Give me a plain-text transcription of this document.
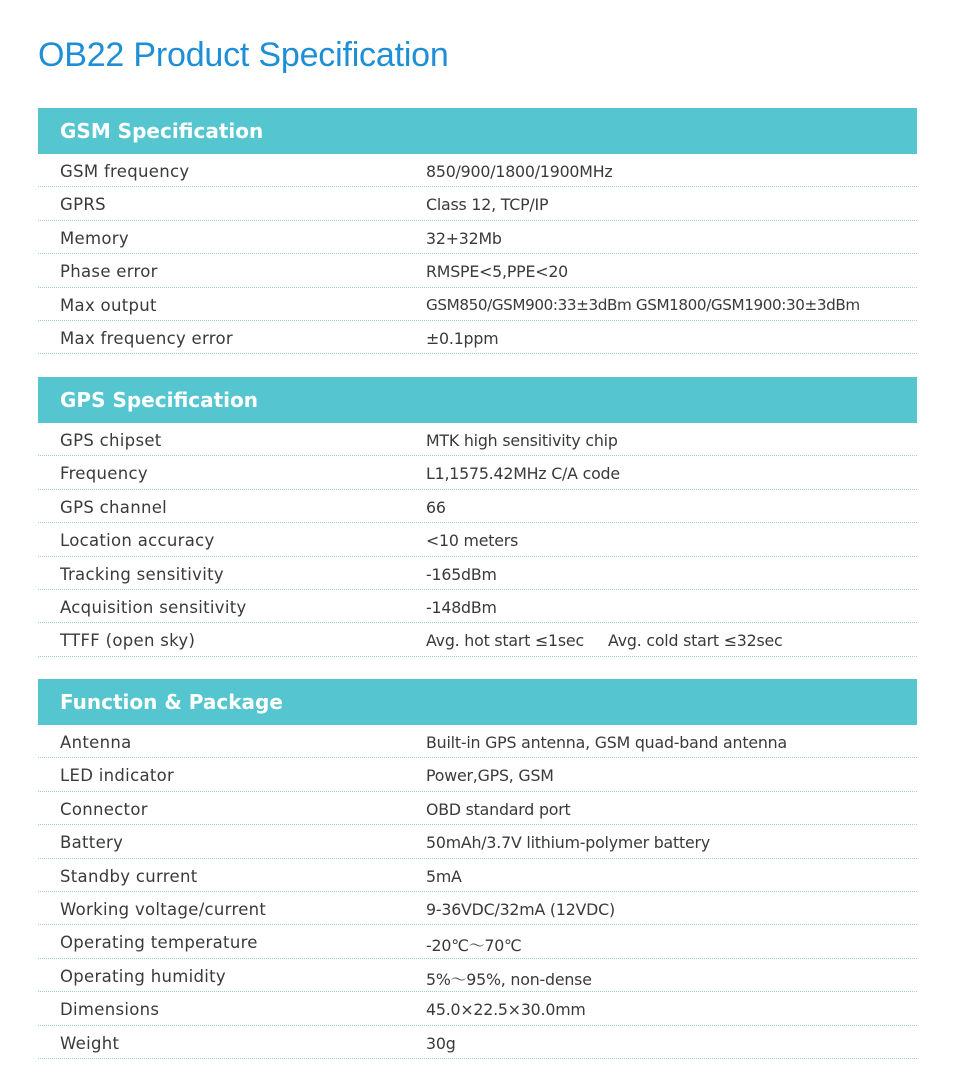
OB22 Product Specification
GSM Specification
GSM frequency	850/900/1800/1900MHz
GPRS	Class 12, TCP/IP
Memory	32+32Mb
Phase error	RMSPE<5,PPE<20
Max output	GSM850/GSM900:33±3dBm GSM1800/GSM1900:30±3dBm
Max frequency error	±0.1ppm
GPS Specification
GPS chipset	MTK high sensitivity chip
Frequency	L1,1575.42MHz C/A code
GPS channel	66
Location accuracy	<10 meters
Tracking sensitivity	-165dBm
Acquisition sensitivity	-148dBm
TTFF (open sky)	Avg. hot start ≤1sec     Avg. cold start ≤32sec
Function & Package
Antenna	Built-in GPS antenna, GSM quad-band antenna
LED indicator	Power,GPS, GSM
Connector	OBD standard port
Battery	50mAh/3.7V lithium-polymer battery
Standby current	5mA
Working voltage/current	9-36VDC/32mA (12VDC)
Operating temperature	-20℃～70℃
Operating humidity	5%～95%, non-dense
Dimensions	45.0×22.5×30.0mm
Weight	30g
